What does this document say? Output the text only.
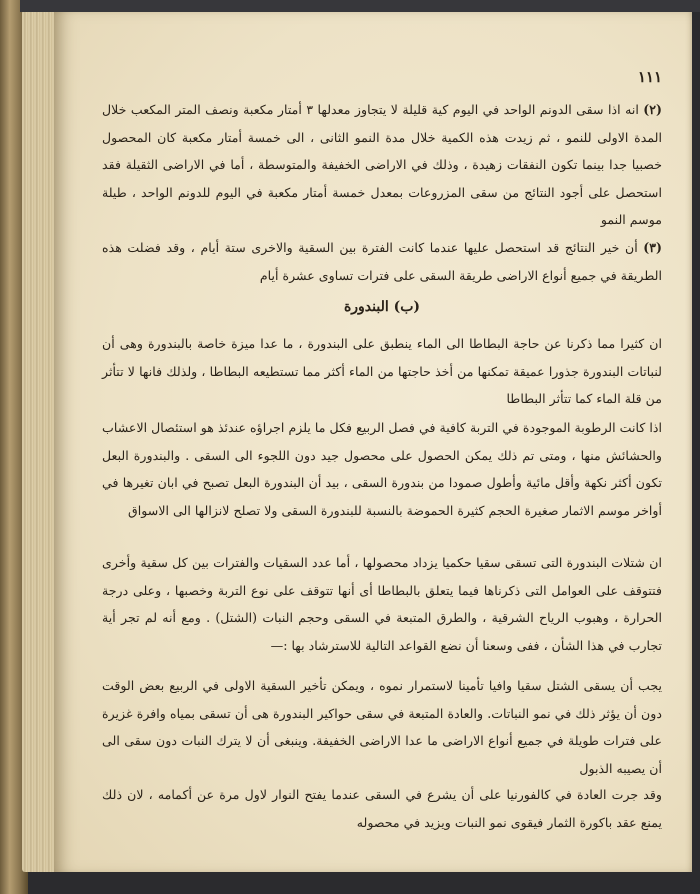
١١١

(٢) انه اذا سقى الدونم الواحد في اليوم كية قليلة لا يتجاوز معدلها ٣ أمتار مكعبة ونصف المتر المكعب خلال المدة الاولى للنمو ، ثم زيدت هذه الكمية خلال مدة النمو الثانى ، الى خمسة أمتار مكعبة كان المحصول خصبيا جدا بينما تكون النفقات زهيدة ، وذلك في الاراضى الخفيفة والمتوسطة ، أما في الاراضى الثقيلة فقد استحصل على أجود النتائج من سقى المزروعات بمعدل خمسة أمتار مكعبة في اليوم للدونم الواحد ، طيلة موسم النمو

(٣) أن خير النتائج قد استحصل عليها عندما كانت الفترة بين السقية والاخرى ستة أيام ، وقد فضلت هذه الطريقة في جميع أنواع الاراضى طريقة السقى على فترات تساوى عشرة أيام

(ب) البندورة

ان كثيرا مما ذكرنا عن حاجة البطاطا الى الماء ينطبق على البندورة ، ما عدا ميزة خاصة بالبندورة وهى أن لنباتات البندورة جذورا عميقة تمكنها من أخذ حاجتها من الماء أكثر مما تستطيعه البطاطا ، ولذلك فانها لا تتأثر من قلة الماء كما تتأثر البطاطا

اذا كانت الرطوبة الموجودة في التربة كافية في فصل الربيع فكل ما يلزم اجراؤه عندئذ هو استئصال الاعشاب والحشائش منها ، ومتى تم ذلك يمكن الحصول على محصول جيد دون اللجوء الى السقى . والبندورة البعل تكون أكثر نكهة وأقل مائية وأطول صمودا من بندورة السقى ، بيد أن البندورة البعل تصبح في ابان تغيرها في أواخر موسم الاثمار صغيرة الحجم كثيرة الحموضة بالنسبة للبندورة السقى ولا تصلح لانزالها الى الاسواق

ان شتلات البندورة التى تسقى سقيا حكميا يزداد محصولها ، أما عدد السقيات والفترات بين كل سقية وأخرى فتتوقف على العوامل التى ذكرناها فيما يتعلق بالبطاطا أى أنها تتوقف على نوع التربة وخصبها ، وعلى درجة الحرارة ، وهبوب الرياح الشرقية ، والطرق المتبعة في السقى وحجم النبات (الشتل) . ومع أنه لم تجر أية تجارب في هذا الشأن ، ففى وسعنا أن نضع القواعد التالية للاسترشاد بها :—

يجب أن يسقى الشتل سقيا وافيا تأمينا لاستمرار نموه ، ويمكن تأخير السقية الاولى في الربيع بعض الوقت دون أن يؤثر ذلك في نمو النباتات. والعادة المتبعة في سقى حواكير البندورة هى أن تسقى بمياه وافرة غزيرة على فترات طويلة في جميع أنواع الاراضى ما عدا الاراضى الخفيفة. وينبغى أن لا يترك النبات دون سقى الى أن يصيبه الذبول

وقد جرت العادة في كالفورنيا على أن يشرع في السقى عندما يفتح النوار لاول مرة عن أكمامه ، لان ذلك يمنع عقد باكورة الثمار فيقوى نمو النبات ويزيد في محصوله
